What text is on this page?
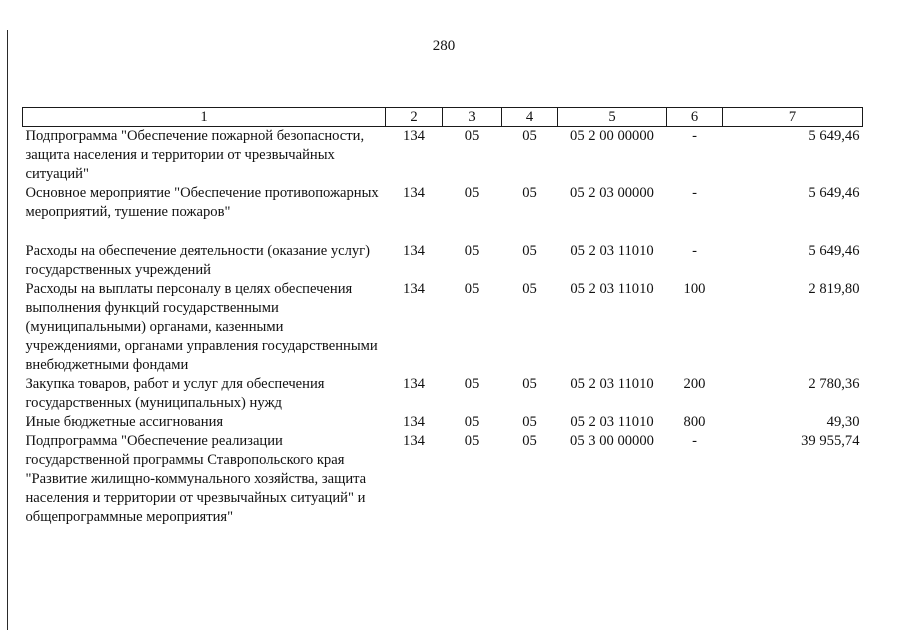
280
1	2	3	4	5	6	7
Подпрограмма "Обеспечение пожарной безопасности, защита населения и территории от чрезвычайных ситуаций"	134	05	05	05 2 00 00000	-	5 649,46
Основное мероприятие "Обеспечение противопожарных мероприятий, тушение пожаров"	134	05	05	05 2 03 00000	-	5 649,46
Расходы на обеспечение деятельности (оказание услуг) государственных учреждений	134	05	05	05 2 03 11010	-	5 649,46
Расходы на выплаты персоналу в целях обеспечения выполнения функций государственными (муниципальными) органами, казенными учреждениями, органами управления государственными внебюджетными фондами	134	05	05	05 2 03 11010	100	2 819,80
Закупка товаров, работ и услуг для обеспечения государственных (муниципальных) нужд	134	05	05	05 2 03 11010	200	2 780,36
Иные бюджетные ассигнования	134	05	05	05 2 03 11010	800	49,30
Подпрограмма "Обеспечение реализации государственной программы Ставропольского края "Развитие жилищно-коммунального хозяйства, защита населения и территории от чрезвычайных ситуаций" и общепрограммные мероприятия"	134	05	05	05 3 00 00000	-	39 955,74
